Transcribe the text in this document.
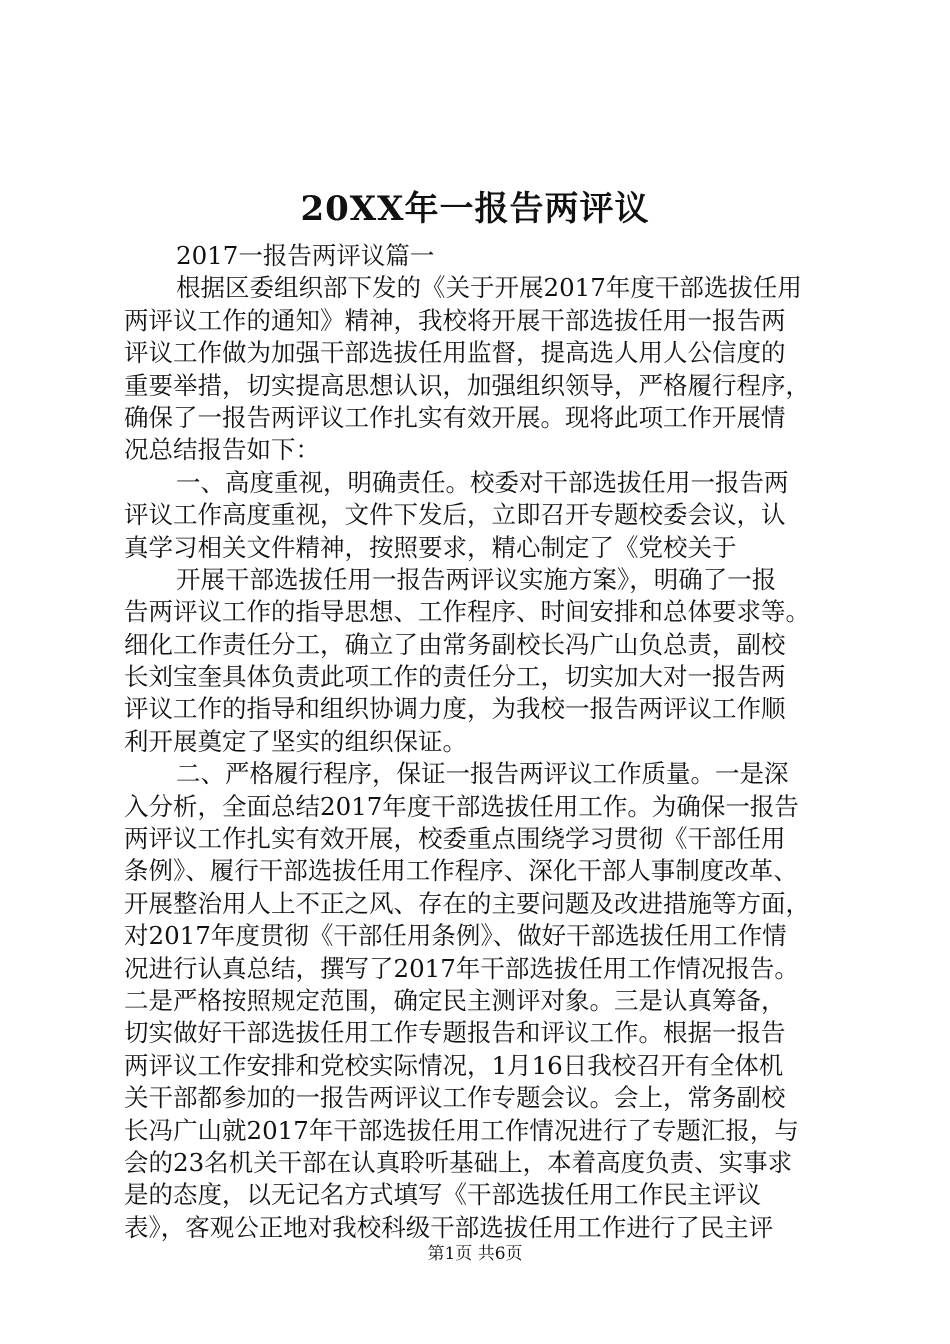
20XX年一报告两评议
2017一报告两评议篇一
根据区委组织部下发的《关于开展2017年度干部选拔任用
两评议工作的通知》精神，我校将开展干部选拔任用一报告两
评议工作做为加强干部选拔任用监督，提高选人用人公信度的
重要举措，切实提高思想认识，加强组织领导，严格履行程序，
确保了一报告两评议工作扎实有效开展。现将此项工作开展情
况总结报告如下：
一、高度重视，明确责任。校委对干部选拔任用一报告两
评议工作高度重视，文件下发后，立即召开专题校委会议，认
真学习相关文件精神，按照要求，精心制定了《党校关于
开展干部选拔任用一报告两评议实施方案》，明确了一报
告两评议工作的指导思想、工作程序、时间安排和总体要求等。
细化工作责任分工，确立了由常务副校长冯广山负总责，副校
长刘宝奎具体负责此项工作的责任分工，切实加大对一报告两
评议工作的指导和组织协调力度，为我校一报告两评议工作顺
利开展奠定了坚实的组织保证。
二、严格履行程序，保证一报告两评议工作质量。一是深
入分析，全面总结2017年度干部选拔任用工作。为确保一报告
两评议工作扎实有效开展，校委重点围绕学习贯彻《干部任用
条例》、履行干部选拔任用工作程序、深化干部人事制度改革、
开展整治用人上不正之风、存在的主要问题及改进措施等方面，
对2017年度贯彻《干部任用条例》、做好干部选拔任用工作情
况进行认真总结，撰写了2017年干部选拔任用工作情况报告。
二是严格按照规定范围，确定民主测评对象。三是认真筹备，
切实做好干部选拔任用工作专题报告和评议工作。根据一报告
两评议工作安排和党校实际情况，1月16日我校召开有全体机
关干部都参加的一报告两评议工作专题会议。会上，常务副校
长冯广山就2017年干部选拔任用工作情况进行了专题汇报，与
会的23名机关干部在认真聆听基础上，本着高度负责、实事求
是的态度，以无记名方式填写《干部选拔任用工作民主评议
表》，客观公正地对我校科级干部选拔任用工作进行了民主评
第1页 共6页
